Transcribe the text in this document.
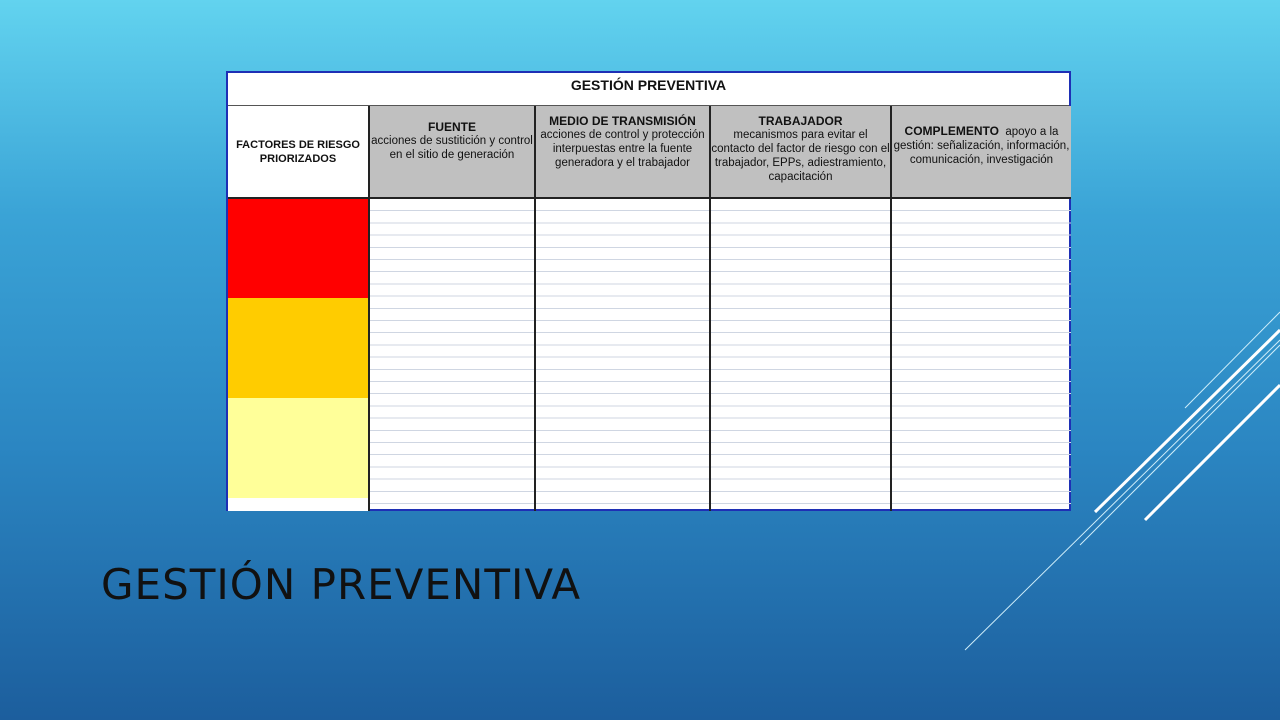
GESTIÓN PREVENTIVA
FACTORES DE RIESGO PRIORIZADOS
FUENTE
acciones de sustitición y control en el sitio de generación
MEDIO DE TRANSMISIÓN
acciones de control y protección interpuestas entre la fuente generadora y el trabajador
TRABAJADOR
mecanismos para evitar el contacto del factor de riesgo con el trabajador, EPPs, adiestramiento, capacitación
COMPLEMENTO apoyo a la gestión: señalización, información, comunicación, investigación
GESTIÓN PREVENTIVA
